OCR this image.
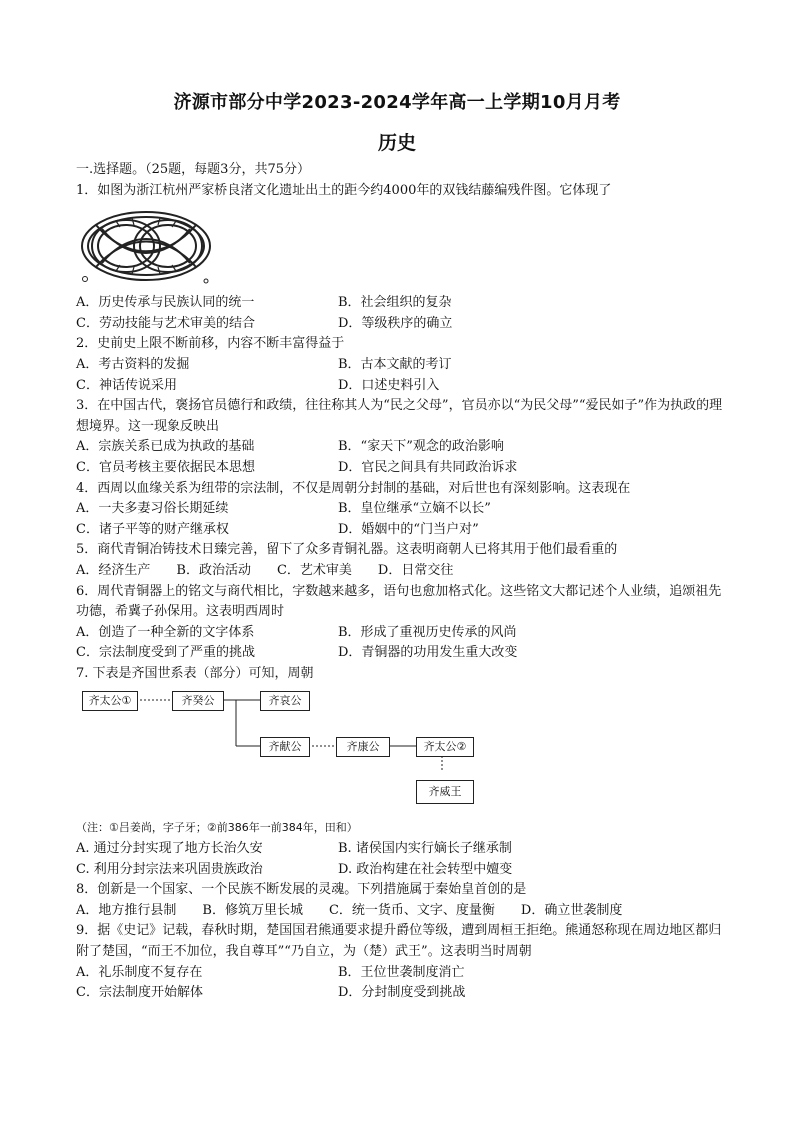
济源市部分中学2023-2024学年高一上学期10月月考
历史
一.选择题。（25题，每题3分，共75分）
1．如图为浙江杭州严家桥良渚文化遗址出土的距今约4000年的双钱结藤编残件图。它体现了
A．历史传承与民族认同的统一	B．社会组织的复杂
C．劳动技能与艺术审美的结合	D．等级秩序的确立
2．史前史上限不断前移，内容不断丰富得益于
A．考古资料的发掘	B．古本文献的考订
C．神话传说采用	D．口述史料引入
3．在中国古代，褒扬官员德行和政绩，往往称其人为“民之父母”，官员亦以“为民父母”“爱民如子”作为执政的理想境界。这一现象反映出
A．宗族关系已成为执政的基础	B．“家天下”观念的政治影响
C．官员考核主要依据民本思想	D．官民之间具有共同政治诉求
4．西周以血缘关系为纽带的宗法制，不仅是周朝分封制的基础，对后世也有深刻影响。这表现在
A．一夫多妻习俗长期延续	B．皇位继承“立嫡不以长”
C．诸子平等的财产继承权	D．婚姻中的“门当户对”
5．商代青铜冶铸技术日臻完善，留下了众多青铜礼器。这表明商朝人已将其用于他们最看重的
A．经济生产 B．政治活动 C．艺术审美 D．日常交往
6．周代青铜器上的铭文与商代相比，字数越来越多，语句也愈加格式化。这些铭文大都记述个人业绩，追颂祖先功德，希冀子孙保用。这表明西周时
A．创造了一种全新的文字体系	B．形成了重视历史传承的风尚
C．宗法制度受到了严重的挑战	D．青铜器的功用发生重大改变
7. 下表是齐国世系表（部分）可知，周朝
齐太公①	齐癸公	齐哀公
齐献公	齐康公	齐太公②
齐威王
（注：①吕姜尚，字子牙；②前386年一前384年，田和）
A. 通过分封实现了地方长治久安	B. 诸侯国内实行嫡长子继承制
C. 利用分封宗法来巩固贵族政治	D. 政治构建在社会转型中嬗变
8．创新是一个国家、一个民族不断发展的灵魂。下列措施属于秦始皇首创的是
A．地方推行县制 B．修筑万里长城 C．统一货币、文字、度量衡 D．确立世袭制度
9．据《史记》记载，春秋时期，楚国国君熊通要求提升爵位等级，遭到周桓王拒绝。熊通怒称现在周边地区都归附了楚国，“而王不加位，我自尊耳”“乃自立，为（楚）武王”。这表明当时周朝
A．礼乐制度不复存在	B．王位世袭制度消亡
C．宗法制度开始解体	D．分封制度受到挑战
